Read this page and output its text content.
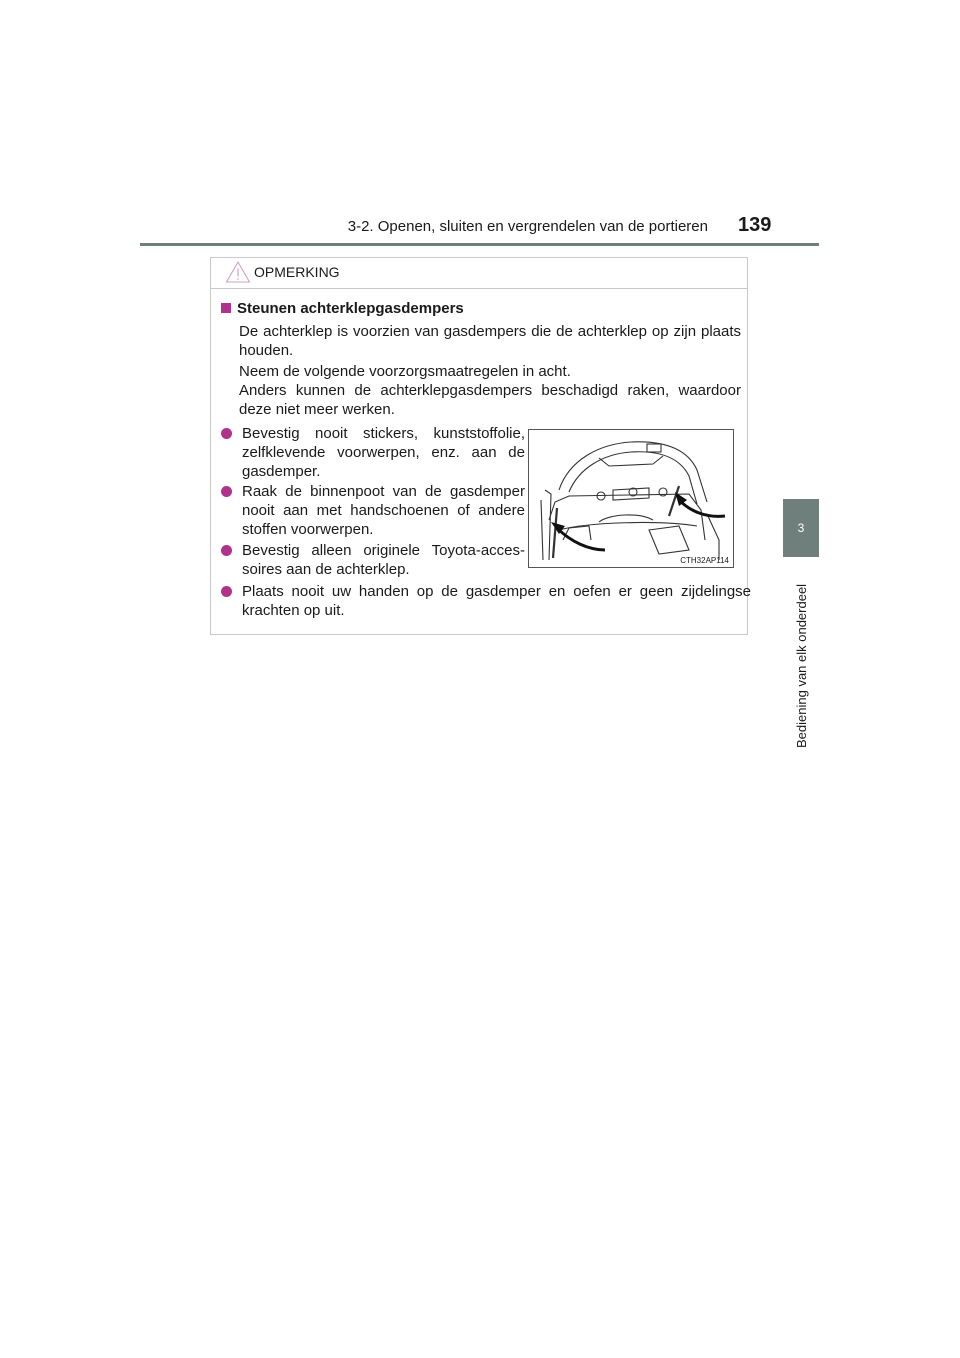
3-2. Openen, sluiten en vergrendelen van de portieren 139
3
Bediening van elk onderdeel
OPMERKING
Steunen achterklepgasdempers
De achterklep is voorzien van gasdempers die de achterklep op zijn plaats houden.
Neem de volgende voorzorgsmaatregelen in acht.
Anders kunnen de achterklepgasdempers beschadigd raken, waardoor deze niet meer werken.
Bevestig nooit stickers, kunststoffolie, zelfklevende voorwerpen, enz. aan de gasdemper.
Raak de binnenpoot van de gasdemper nooit aan met handschoenen of andere stoffen voorwerpen.
Bevestig alleen originele Toyota-acces-soires aan de achterklep.
Plaats nooit uw handen op de gasdemper en oefen er geen zijdelingse krachten op uit.
CTH32AP114
